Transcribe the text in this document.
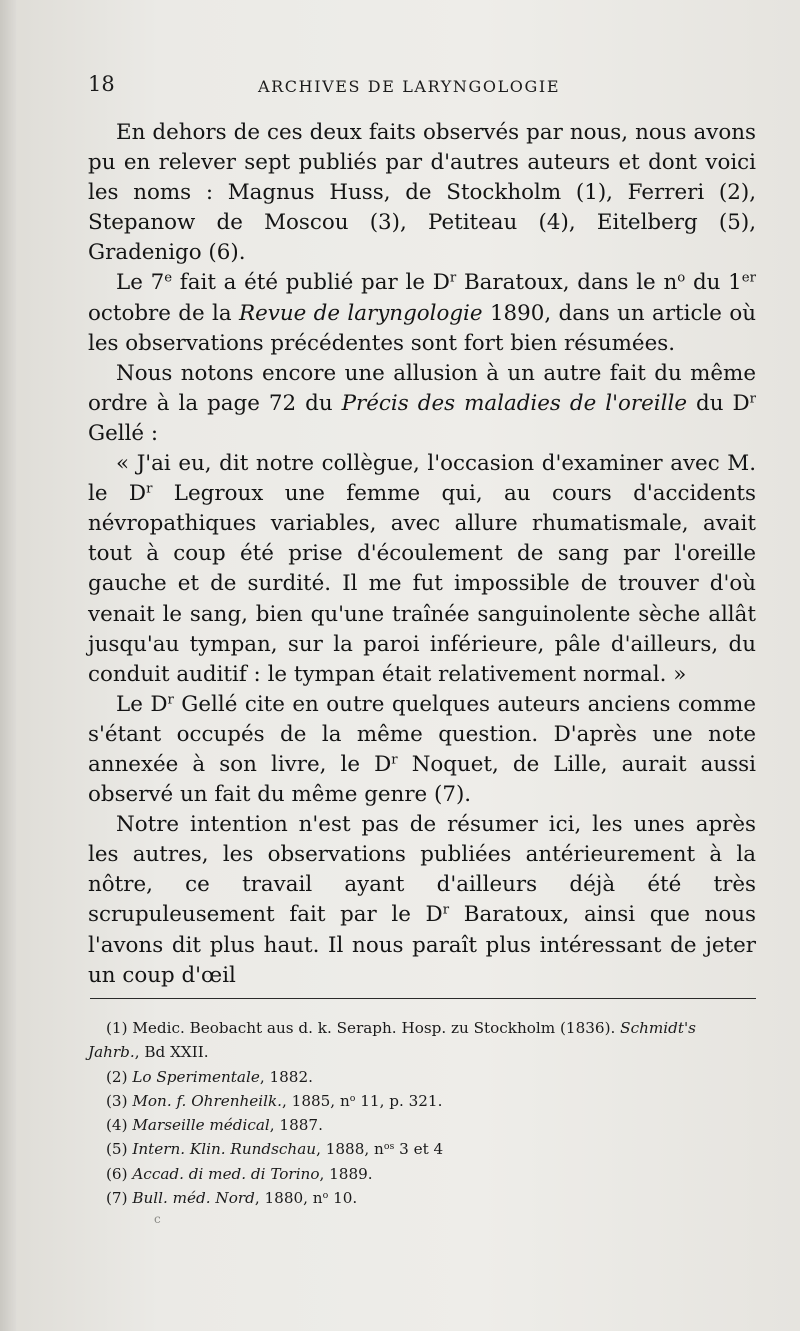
18	ARCHIVES DE LARYNGOLOGIE

En dehors de ces deux faits observés par nous, nous avons pu en relever sept publiés par d'autres auteurs et dont voici les noms : Magnus Huss, de Stockholm (1), Ferreri (2), Stepanow de Moscou (3), Petiteau (4), Eitelberg (5), Gradenigo (6).

Le 7e fait a été publié par le $D^r$ Baratoux, dans le $n^o$ du 1er octobre de la Revue de laryngologie 1890, dans un article où les observations précédentes sont fort bien résumées.

Nous notons encore une allusion à un autre fait du même ordre à la page 72 du Précis des maladies de l'oreille du $D^r$ Gellé :

« J'ai eu, dit notre collègue, l'occasion d'examiner avec M. le $D^r$ Legroux une femme qui, au cours d'accidents névropathiques variables, avec allure rhumatismale, avait tout à coup été prise d'écoulement de sang par l'oreille gauche et de surdité. Il me fut impossible de trouver d'où venait le sang, bien qu'une traînée sanguinolente sèche allât jusqu'au tympan, sur la paroi inférieure, pâle d'ailleurs, du conduit auditif : le tympan était relativement normal. »

Le $D^r$ Gellé cite en outre quelques auteurs anciens comme s'étant occupés de la même question. D'après une note annexée à son livre, le $D^r$ Noquet, de Lille, aurait aussi observé un fait du même genre (7).

Notre intention n'est pas de résumer ici, les unes après les autres, les observations publiées antérieurement à la nôtre, ce travail ayant d'ailleurs déjà été très scrupuleusement fait par le $D^r$ Baratoux, ainsi que nous l'avons dit plus haut. Il nous paraît plus intéressant de jeter un coup d'œil

(1) Medic. Beobacht aus d. k. Seraph. Hosp. zu Stockholm (1836). Schmidt's

Jahrb., Bd XXII.

(2) Lo Sperimentale, 1882.

(3) Mon. f. Ohrenheilk., 1885, $n^o$ 11, p. 321.

(4) Marseille médical, 1887.

(5) Intern. Klin. Rundschau, 1888, $n^{os}$ 3 et 4

(6) Accad. di med. di Torino, 1889.

(7) Bull. méd. Nord, 1880, $n^o$ 10.

c
